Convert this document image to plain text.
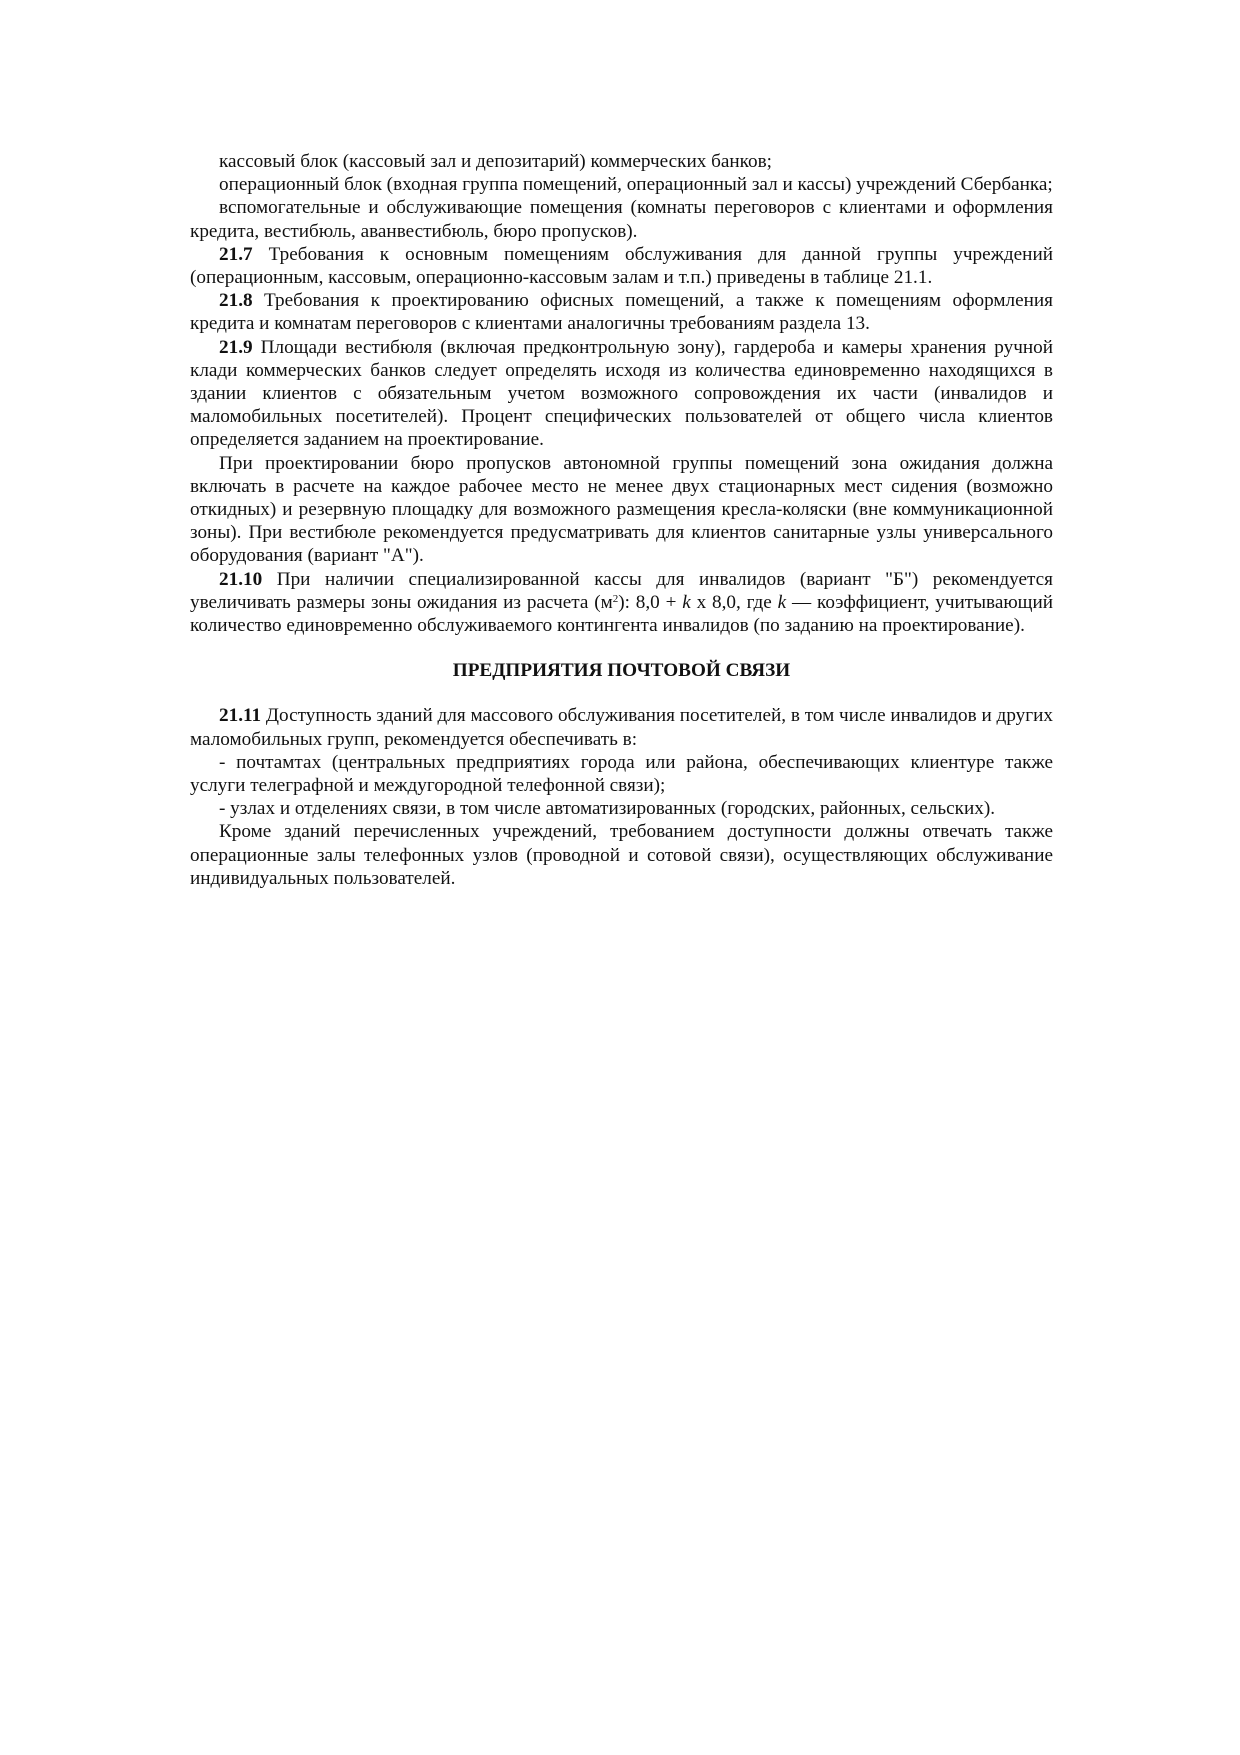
кассовый блок (кассовый зал и депозитарий) коммерческих банков;

операционный блок (входная группа помещений, операционный зал и кассы) учреждений Сбербанка;

вспомогательные и обслуживающие помещения (комнаты переговоров с клиентами и оформления кредита, вестибюль, аванвестибюль, бюро пропусков).

21.7 Требования к основным помещениям обслуживания для данной группы учреждений (операционным, кассовым, операционно-кассовым залам и т.п.) приведены в таблице 21.1.

21.8 Требования к проектированию офисных помещений, а также к помещениям оформления кредита и комнатам переговоров с клиентами аналогичны требованиям раздела 13.

21.9 Площади вестибюля (включая предконтрольную зону), гардероба и камеры хранения ручной клади коммерческих банков следует определять исходя из количества единовременно находящихся в здании клиентов с обязательным учетом возможного сопровождения их части (инвалидов и маломобильных посетителей). Процент специфических пользователей от общего числа клиентов определяется заданием на проектирование.

При проектировании бюро пропусков автономной группы помещений зона ожидания должна включать в расчете на каждое рабочее место не менее двух стационарных мест сидения (возможно откидных) и резервную площадку для возможного размещения кресла-коляски (вне коммуникационной зоны). При вестибюле рекомендуется предусматривать для клиентов санитарные узлы универсального оборудования (вариант "А").

21.10 При наличии специализированной кассы для инвалидов (вариант "Б") рекомендуется увеличивать размеры зоны ожидания из расчета $(м^2)$: 8,0 + k х 8,0, где k — коэффициент, учитывающий количество единовременно обслуживаемого контингента инвалидов (по заданию на проектирование).

ПРЕДПРИЯТИЯ ПОЧТОВОЙ СВЯЗИ

21.11 Доступность зданий для массового обслуживания посетителей, в том числе инвалидов и других маломобильных групп, рекомендуется обеспечивать в:

- почтамтах (центральных предприятиях города или района, обеспечивающих клиентуре также услуги телеграфной и междугородной телефонной связи);

- узлах и отделениях связи, в том числе автоматизированных (городских, районных, сельских).

Кроме зданий перечисленных учреждений, требованием доступности должны отвечать также операционные залы телефонных узлов (проводной и сотовой связи), осуществляющих обслуживание индивидуальных пользователей.
